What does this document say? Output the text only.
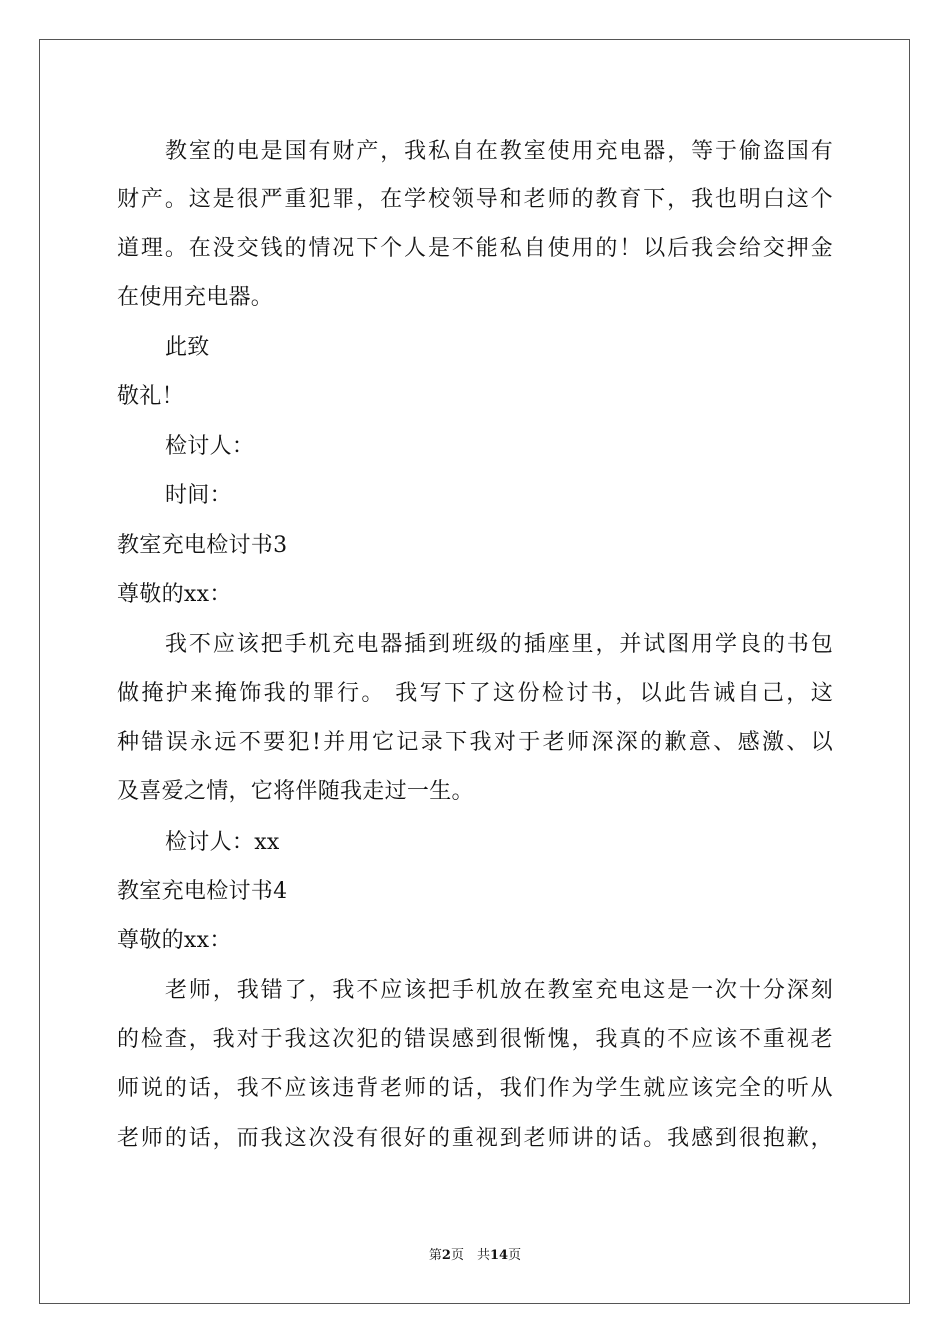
教室的电是国有财产，我私自在教室使用充电器，等于偷盗国有
财产。这是很严重犯罪，在学校领导和老师的教育下，我也明白这个
道理。在没交钱的情况下个人是不能私自使用的！以后我会给交押金
在使用充电器。
此致
敬礼！
检讨人：
时间：
教室充电检讨书3
尊敬的xx：
我不应该把手机充电器插到班级的插座里，并试图用学良的书包
做掩护来掩饰我的罪行。 我写下了这份检讨书，以此告诫自己，这
种错误永远不要犯!并用它记录下我对于老师深深的歉意、感激、以
及喜爱之情，它将伴随我走过一生。
检讨人：xx
教室充电检讨书4
尊敬的xx：
老师，我错了，我不应该把手机放在教室充电这是一次十分深刻
的检查，我对于我这次犯的错误感到很惭愧，我真的不应该不重视老
师说的话，我不应该违背老师的话，我们作为学生就应该完全的听从
老师的话，而我这次没有很好的重视到老师讲的话。我感到很抱歉，
第2页　共14页
